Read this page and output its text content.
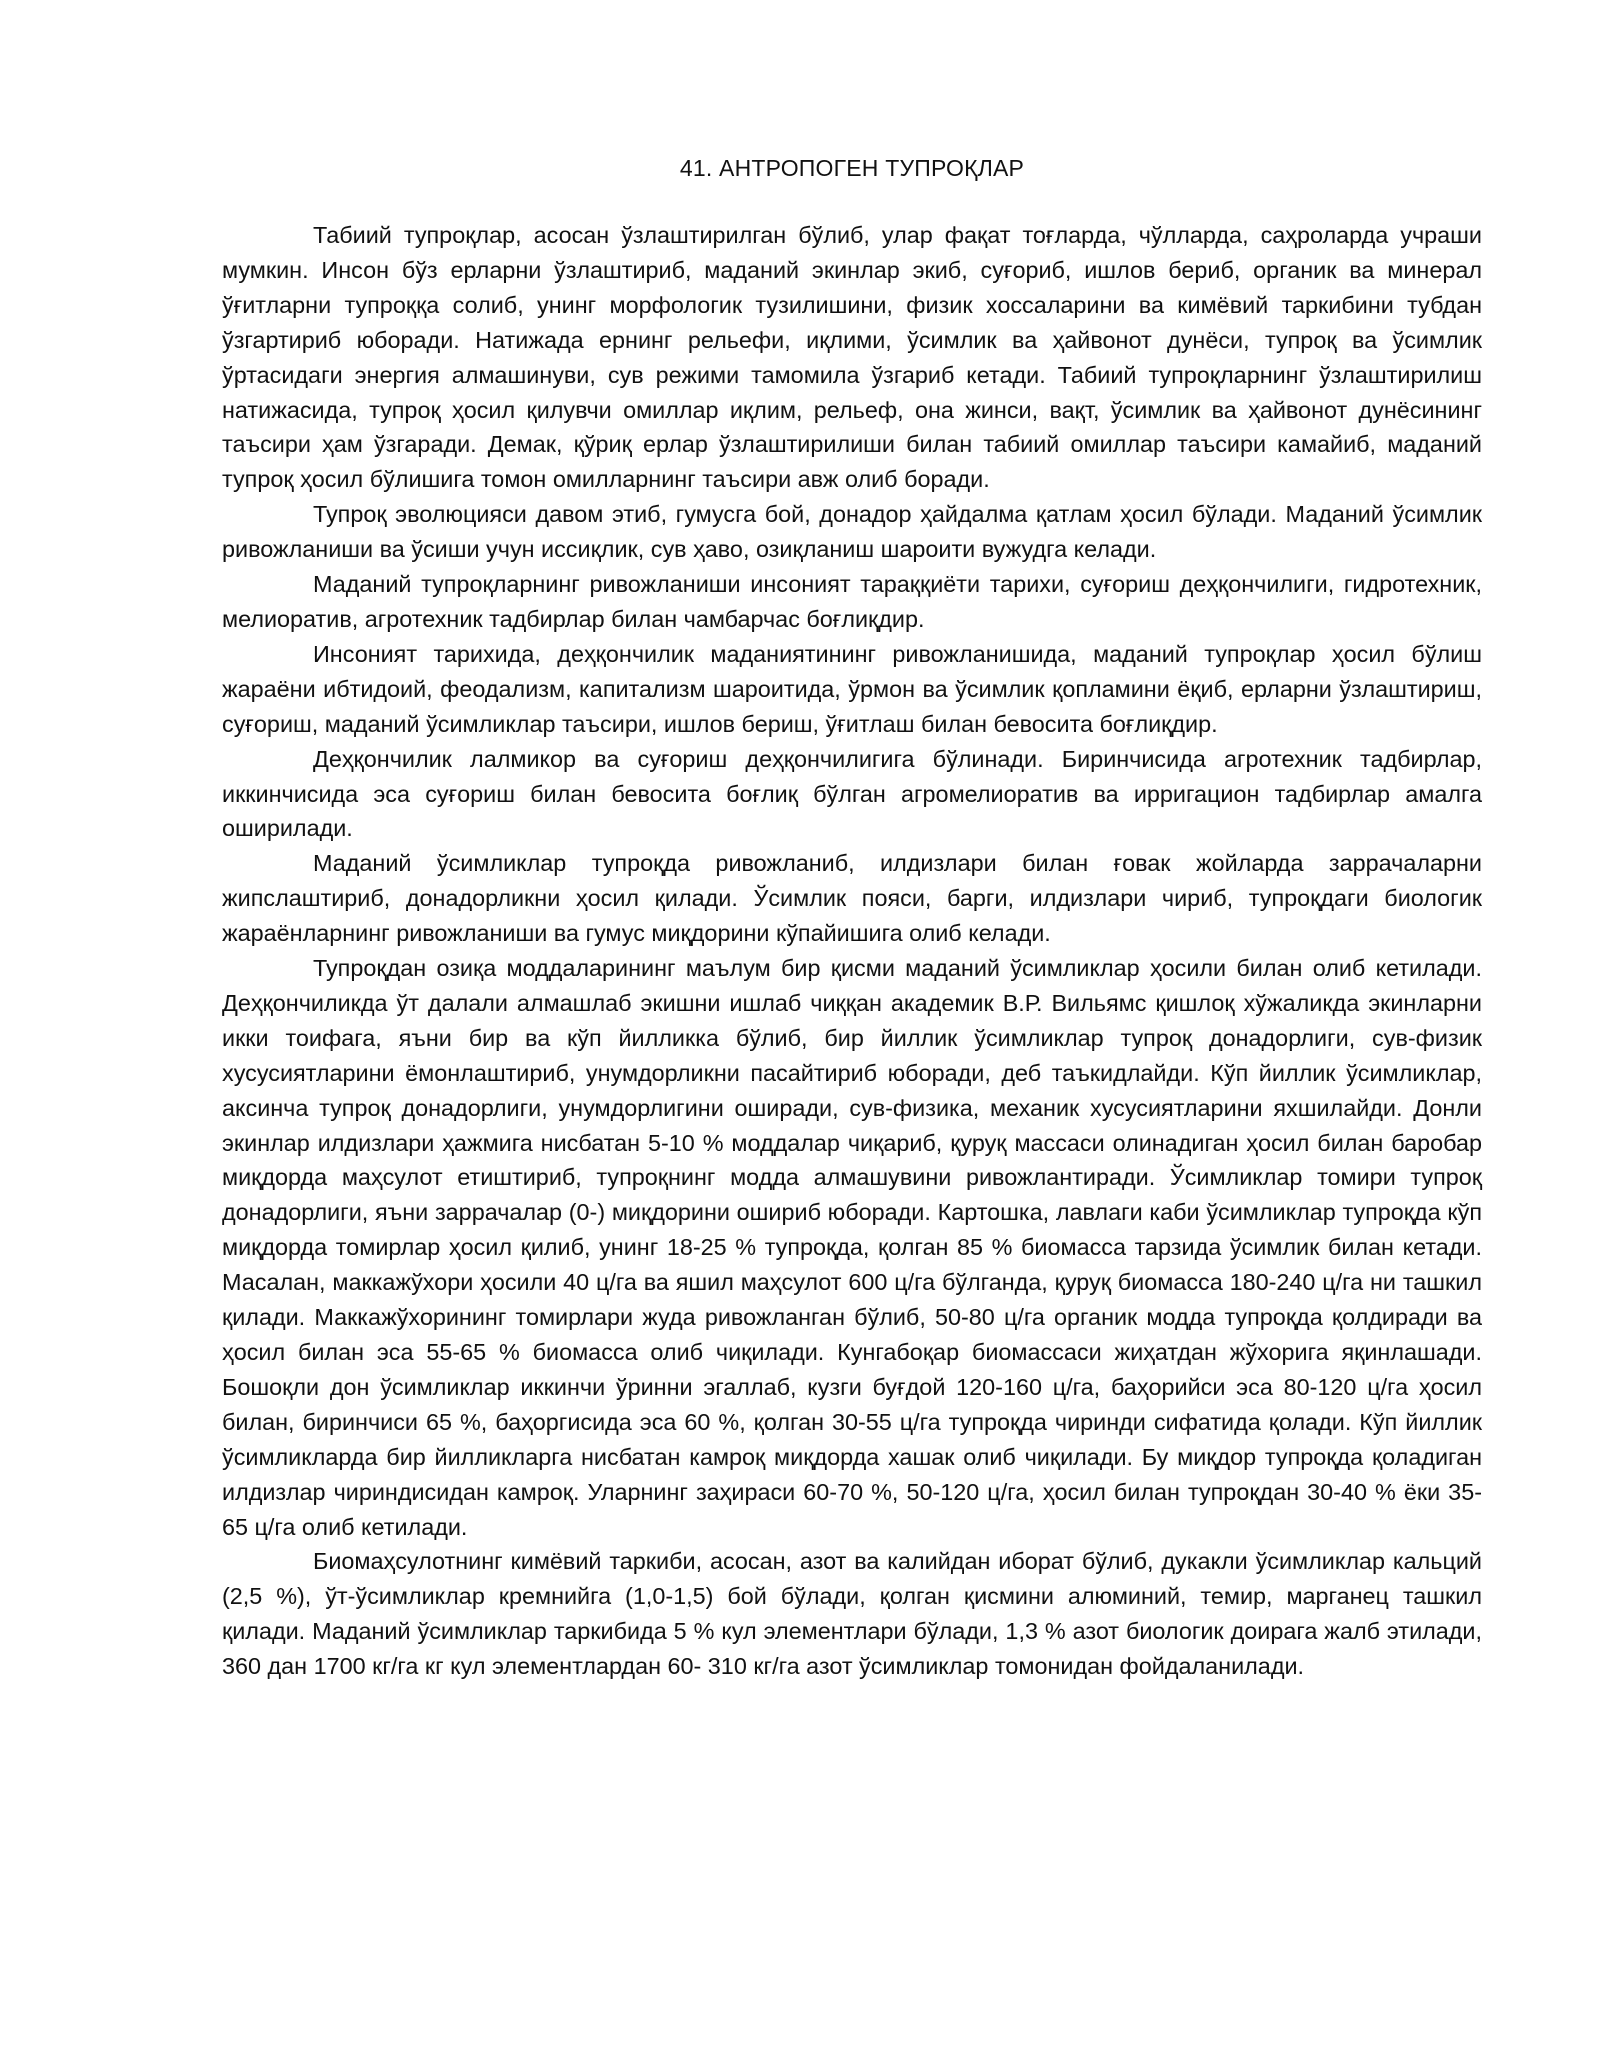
41. АНТРОПОГЕН ТУПРОҚЛАР

Табиий тупроқлар, асосан ўзлаштирилган бўлиб, улар фақат тоғларда, чўлларда, саҳроларда учраши мумкин. Инсон бўз ерларни ўзлаштириб, маданий экинлар экиб, суғориб, ишлов бериб, органик ва минерал ўғитларни тупроққа солиб, унинг морфологик тузилишини, физик хоссаларини ва кимёвий таркибини тубдан ўзгартириб юборади. Натижада ернинг рельефи, иқлими, ўсимлик ва ҳайвонот дунёси, тупроқ ва ўсимлик ўртасидаги энергия алмашинуви, сув режими тамомила ўзгариб кетади. Табиий тупроқларнинг ўзлаштирилиш натижасида, тупроқ ҳосил қилувчи омиллар иқлим, рельеф, она жинси, вақт, ўсимлик ва ҳайвонот дунёсининг таъсири ҳам ўзгаради. Демак, қўриқ ерлар ўзлаштирилиши билан табиий омиллар таъсири камайиб, маданий тупроқ ҳосил бўлишига томон омилларнинг таъсири авж олиб боради.

Тупроқ эволюцияси давом этиб, гумусга бой, донадор ҳайдалма қатлам ҳосил бўлади. Маданий ўсимлик ривожланиши ва ўсиши учун иссиқлик, сув ҳаво, озиқланиш шароити вужудга келади.

Маданий тупроқларнинг ривожланиши инсоният тараққиёти тарихи, суғориш деҳқончилиги, гидротехник, мелиоратив, агротехник тадбирлар билан чамбарчас боғлиқдир.

Инсоният тарихида, деҳқончилик маданиятининг ривожланишида, маданий тупроқлар ҳосил бўлиш жараёни ибтидоий, феодализм, капитализм шароитида, ўрмон ва ўсимлик қопламини ёқиб, ерларни ўзлаштириш, суғориш, маданий ўсимликлар таъсири, ишлов бериш, ўғитлаш билан бевосита боғлиқдир.

Деҳқончилик лалмикор ва суғориш деҳқончилигига бўлинади. Биринчисида агротехник тадбирлар, иккинчисида эса суғориш билан бевосита боғлиқ бўлган агромелиоратив ва ирригацион тадбирлар амалга оширилади.

Маданий ўсимликлар тупроқда ривожланиб, илдизлари билан ғовак жойларда заррачаларни жипслаштириб, донадорликни ҳосил қилади. Ўсимлик пояси, барги, илдизлари чириб, тупроқдаги биологик жараёнларнинг ривожланиши ва гумус миқдорини кўпайишига олиб келади.

Тупроқдан озиқа моддаларининг маълум бир қисми маданий ўсимликлар ҳосили билан олиб кетилади. Деҳқончиликда ўт далали алмашлаб экишни ишлаб чиққан академик В.Р. Вильямс қишлоқ хўжаликда экинларни икки тоифага, яъни бир ва кўп йилликка бўлиб, бир йиллик ўсимликлар тупроқ донадорлиги, сув-физик хусусиятларини ёмонлаштириб, унумдорликни пасайтириб юборади, деб таъкидлайди. Кўп йиллик ўсимликлар, аксинча тупроқ донадорлиги, унумдорлигини оширади, сув-физика, механик хусусиятларини яхшилайди. Донли экинлар илдизлари ҳажмига нисбатан 5-10 % моддалар чиқариб, қуруқ массаси олинадиган ҳосил билан баробар миқдорда маҳсулот етиштириб, тупроқнинг модда алмашувини ривожлантиради. Ўсимликлар томири тупроқ донадорлиги, яъни заррачалар (0-) миқдорини ошириб юборади. Картошка, лавлаги каби ўсимликлар тупроқда кўп миқдорда томирлар ҳосил қилиб, унинг 18-25 % тупроқда, қолган 85 % биомасса тарзида ўсимлик билан кетади. Масалан, маккажўхори ҳосили 40 ц/га ва яшил маҳсулот 600 ц/га бўлганда, қуруқ биомасса 180-240 ц/га ни ташкил қилади. Маккажўхорининг томирлари жуда ривожланган бўлиб, 50-80 ц/га органик модда тупроқда қолдиради ва ҳосил билан эса 55-65 % биомасса олиб чиқилади. Кунгабоқар биомассаси жиҳатдан жўхорига яқинлашади. Бошоқли дон ўсимликлар иккинчи ўринни эгаллаб, кузги буғдой 120-160 ц/га, баҳорийси эса 80-120 ц/га ҳосил билан, биринчиси 65 %, баҳоргисида эса 60 %, қолган 30-55 ц/га тупроқда чиринди сифатида қолади. Кўп йиллик ўсимликларда бир йилликларга нисбатан камроқ миқдорда хашак олиб чиқилади. Бу миқдор тупроқда қоладиган илдизлар чириндисидан камроқ. Уларнинг заҳираси 60-70 %, 50-120 ц/га, ҳосил билан тупроқдан 30-40 % ёки 35-65 ц/га олиб кетилади.

Биомаҳсулотнинг кимёвий таркиби, асосан, азот ва калийдан иборат бўлиб, дукакли ўсимликлар кальций (2,5 %), ўт-ўсимликлар кремнийга (1,0-1,5) бой бўлади, қолган қисмини алюминий, темир, марганец ташкил қилади. Маданий ўсимликлар таркибида 5 % кул элементлари бўлади, 1,3 % азот биологик доирага жалб этилади, 360 дан 1700 кг/га кг кул элементлардан 60- 310 кг/га азот ўсимликлар томонидан фойдаланилади.
